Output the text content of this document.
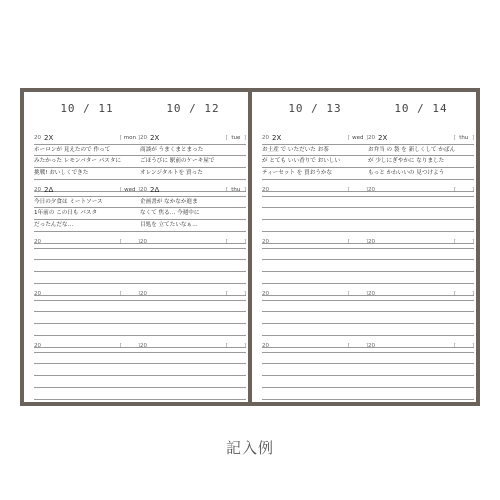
10 / 11
20 2X	[ mon ]
ホーロンが 見えたので 作って
みたかった レモンバター パスタに
挑戦! おいしくできた
20 2Δ	[ wed ]
今日の夕食は ミートソース
1年前の この日も パスタ
だったんだな…
20	[	]
20	[	]
20	[	]
10 / 12
20 2X	[ tue ]
商談が うまくまとまった
ごほうびに 駅前のケーキ屋で
オレンジタルトを 買った
20 2Δ	[ thu ]
企画書が なかなか進ま
なくて 焦る… 今週中に
目処を 立てたいなぁ…
20	[	]
20	[	]
20	[	]
10 / 13
20 2X	[ wed ]
お土産 で いただいた お茶
が とても いい香りで おいしい
ティーセット を 買おうかな
20	[	]
20	[	]
20	[	]
20	[	]
10 / 14
20 2X	[ thu ]
お弁当 の 袋 を 新しくして かばん
が 少しにぎやかに なりました
もっと かわいいの 見つけよう
20	[	]
20	[	]
20	[	]
20	[	]
記入例
